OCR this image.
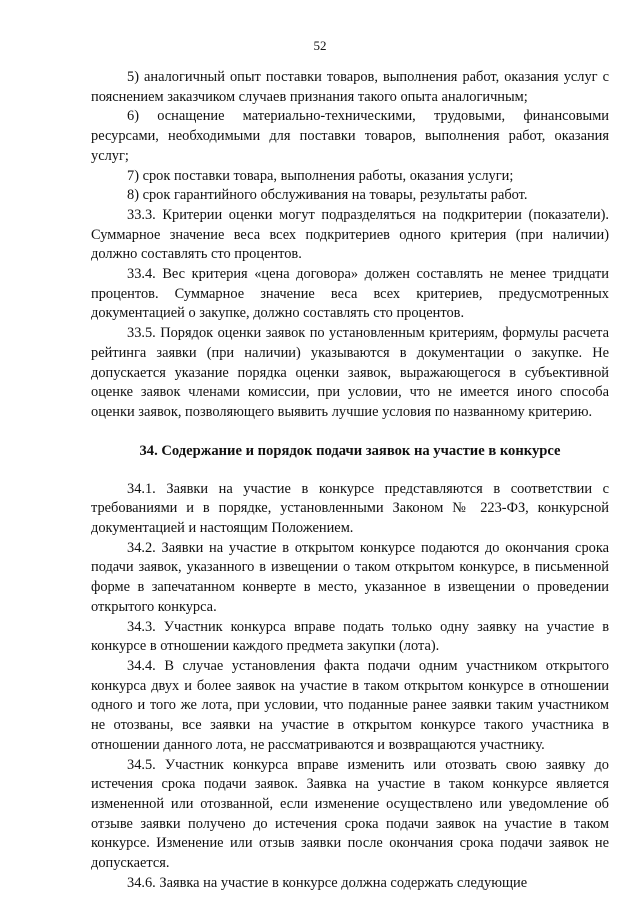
52

5) аналогичный опыт поставки товаров, выполнения работ, оказания услуг с пояснением заказчиком случаев признания такого опыта аналогичным;

6) оснащение материально-техническими, трудовыми, финансовыми ресурсами, необходимыми для поставки товаров, выполнения работ, оказания услуг;

7) срок поставки товара, выполнения работы, оказания услуги;

8) срок гарантийного обслуживания на товары, результаты работ.

33.3. Критерии оценки могут подразделяться на подкритерии (показатели). Суммарное значение веса всех подкритериев одного критерия (при наличии) должно составлять сто процентов.

33.4. Вес критерия «цена договора» должен составлять не менее тридцати процентов. Суммарное значение веса всех критериев, предусмотренных документацией о закупке, должно составлять сто процентов.

33.5. Порядок оценки заявок по установленным критериям, формулы расчета рейтинга заявки (при наличии) указываются в документации о закупке. Не допускается указание порядка оценки заявок, выражающегося в субъективной оценке заявок членами комиссии, при условии, что не имеется иного способа оценки заявок, позволяющего выявить лучшие условия по названному критерию.

34. Содержание и порядок подачи заявок на участие в конкурсе

34.1. Заявки на участие в конкурсе представляются в соответствии с требованиями и в порядке, установленными Законом № 223-ФЗ, конкурсной документацией и настоящим Положением.

34.2. Заявки на участие в открытом конкурсе подаются до окончания срока подачи заявок, указанного в извещении о таком открытом конкурсе, в письменной форме в запечатанном конверте в место, указанное в извещении о проведении открытого конкурса.

34.3. Участник конкурса вправе подать только одну заявку на участие в конкурсе в отношении каждого предмета закупки (лота).

34.4. В случае установления факта подачи одним участником открытого конкурса двух и более заявок на участие в таком открытом конкурсе в отношении одного и того же лота, при условии, что поданные ранее заявки таким участником не отозваны, все заявки на участие в открытом конкурсе такого участника в отношении данного лота, не рассматриваются и возвращаются участнику.

34.5. Участник конкурса вправе изменить или отозвать свою заявку до истечения срока подачи заявок. Заявка на участие в таком конкурсе является измененной или отозванной, если изменение осуществлено или уведомление об отзыве заявки получено до истечения срока подачи заявок на участие в таком конкурсе. Изменение или отзыв заявки после окончания срока подачи заявок не допускается.

34.6. Заявка на участие в конкурсе должна содержать следующие
